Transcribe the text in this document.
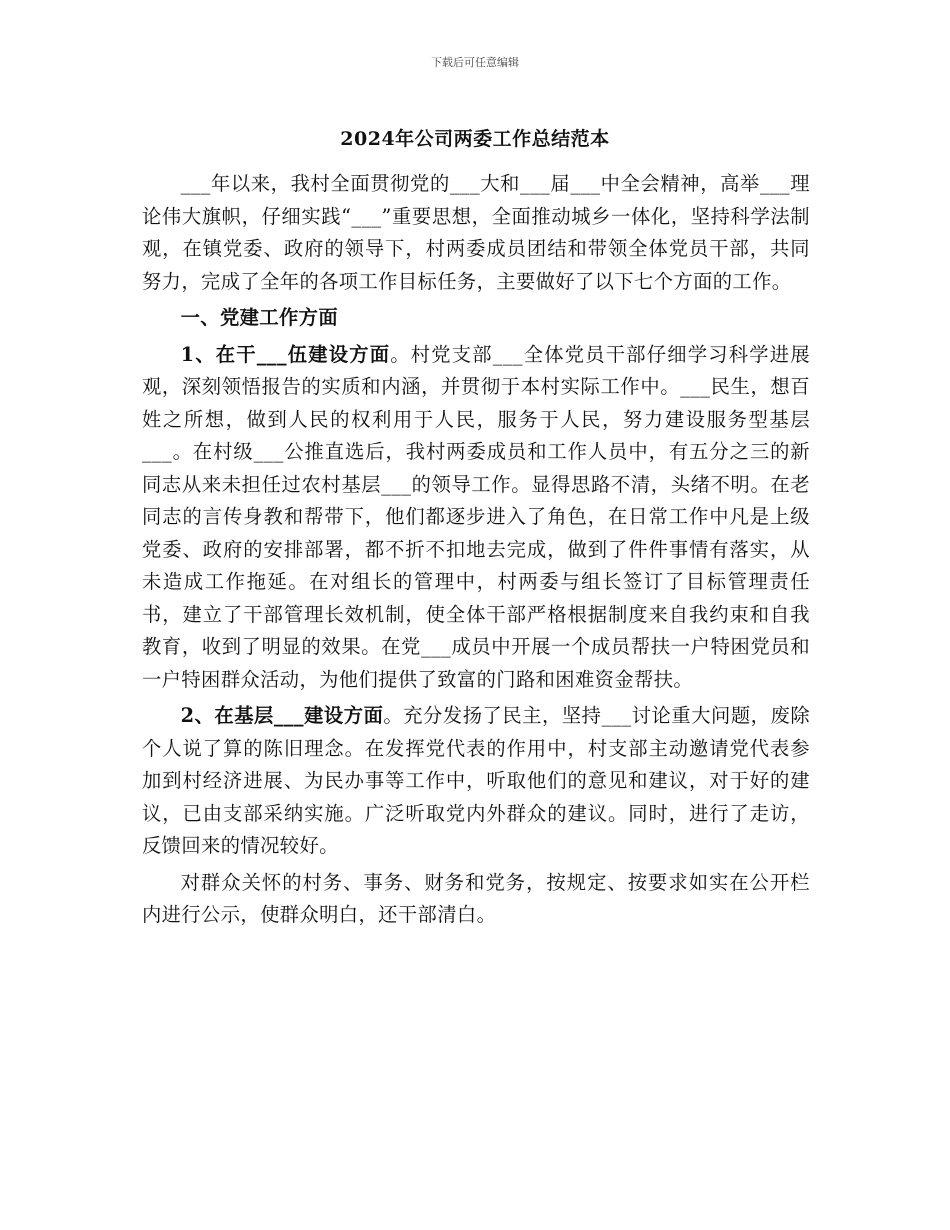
下载后可任意编辑
2024年公司两委工作总结范本

___年以来，我村全面贯彻党的___大和___届___中全会精神，高举___理论伟大旗帜，仔细实践“___”重要思想，全面推动城乡一体化，坚持科学法制观，在镇党委、政府的领导下，村两委成员团结和带领全体党员干部，共同努力，完成了全年的各项工作目标任务，主要做好了以下七个方面的工作。

一、党建工作方面

1、在干___伍建设方面。村党支部___全体党员干部仔细学习科学进展观，深刻领悟报告的实质和内涵，并贯彻于本村实际工作中。___民生，想百姓之所想，做到人民的权利用于人民，服务于人民，努力建设服务型基层___。在村级___公推直选后，我村两委成员和工作人员中，有五分之三的新同志从来未担任过农村基层___的领导工作。显得思路不清，头绪不明。在老同志的言传身教和帮带下，他们都逐步进入了角色，在日常工作中凡是上级党委、政府的安排部署，都不折不扣地去完成，做到了件件事情有落实，从未造成工作拖延。在对组长的管理中，村两委与组长签订了目标管理责任书，建立了干部管理长效机制，使全体干部严格根据制度来自我约束和自我教育，收到了明显的效果。在党___成员中开展一个成员帮扶一户特困党员和一户特困群众活动，为他们提供了致富的门路和困难资金帮扶。

2、在基层___建设方面。充分发扬了民主，坚持___讨论重大问题，废除个人说了算的陈旧理念。在发挥党代表的作用中，村支部主动邀请党代表参加到村经济进展、为民办事等工作中，听取他们的意见和建议，对于好的建议，已由支部采纳实施。广泛听取党内外群众的建议。同时，进行了走访，反馈回来的情况较好。

对群众关怀的村务、事务、财务和党务，按规定、按要求如实在公开栏内进行公示，使群众明白，还干部清白。
